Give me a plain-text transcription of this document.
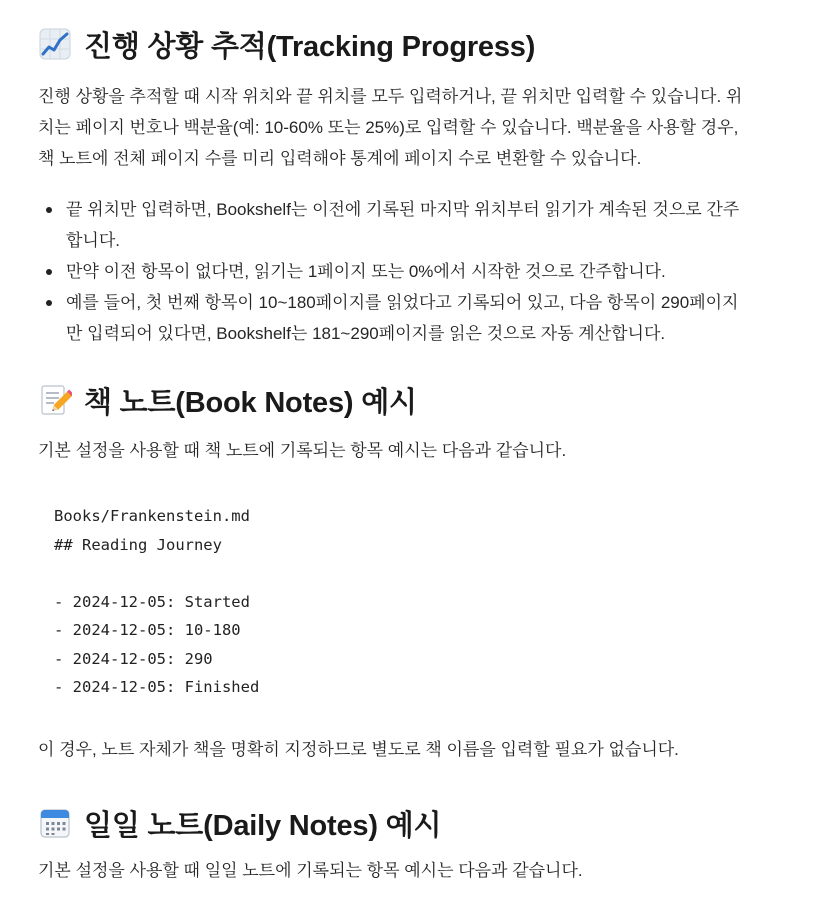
진행 상황 추적(Tracking Progress)

진행 상황을 추적할 때 시작 위치와 끝 위치를 모두 입력하거나, 끝 위치만 입력할 수 있습니다. 위

치는 페이지 번호나 백분율(예: 10-60% 또는 25%)로 입력할 수 있습니다. 백분율을 사용할 경우,

책 노트에 전체 페이지 수를 미리 입력해야 통계에 페이지 수로 변환할 수 있습니다.

끝 위치만 입력하면, Bookshelf는 이전에 기록된 마지막 위치부터 읽기가 계속된 것으로 간주
합니다.
만약 이전 항목이 없다면, 읽기는 1페이지 또는 0%에서 시작한 것으로 간주합니다.
예를 들어, 첫 번째 항목이 10~180페이지를 읽었다고 기록되어 있고, 다음 항목이 290페이지
만 입력되어 있다면, Bookshelf는 181~290페이지를 읽은 것으로 자동 계산합니다.
책 노트(Book Notes) 예시

기본 설정을 사용할 때 책 노트에 기록되는 항목 예시는 다음과 같습니다.

Books/Frankenstein.md
## Reading Journey
- 2024-12-05: Started
- 2024-12-05: 10-180
- 2024-12-05: 290
- 2024-12-05: Finished

이 경우, 노트 자체가 책을 명확히 지정하므로 별도로 책 이름을 입력할 필요가 없습니다.

일일 노트(Daily Notes) 예시

기본 설정을 사용할 때 일일 노트에 기록되는 항목 예시는 다음과 같습니다.
